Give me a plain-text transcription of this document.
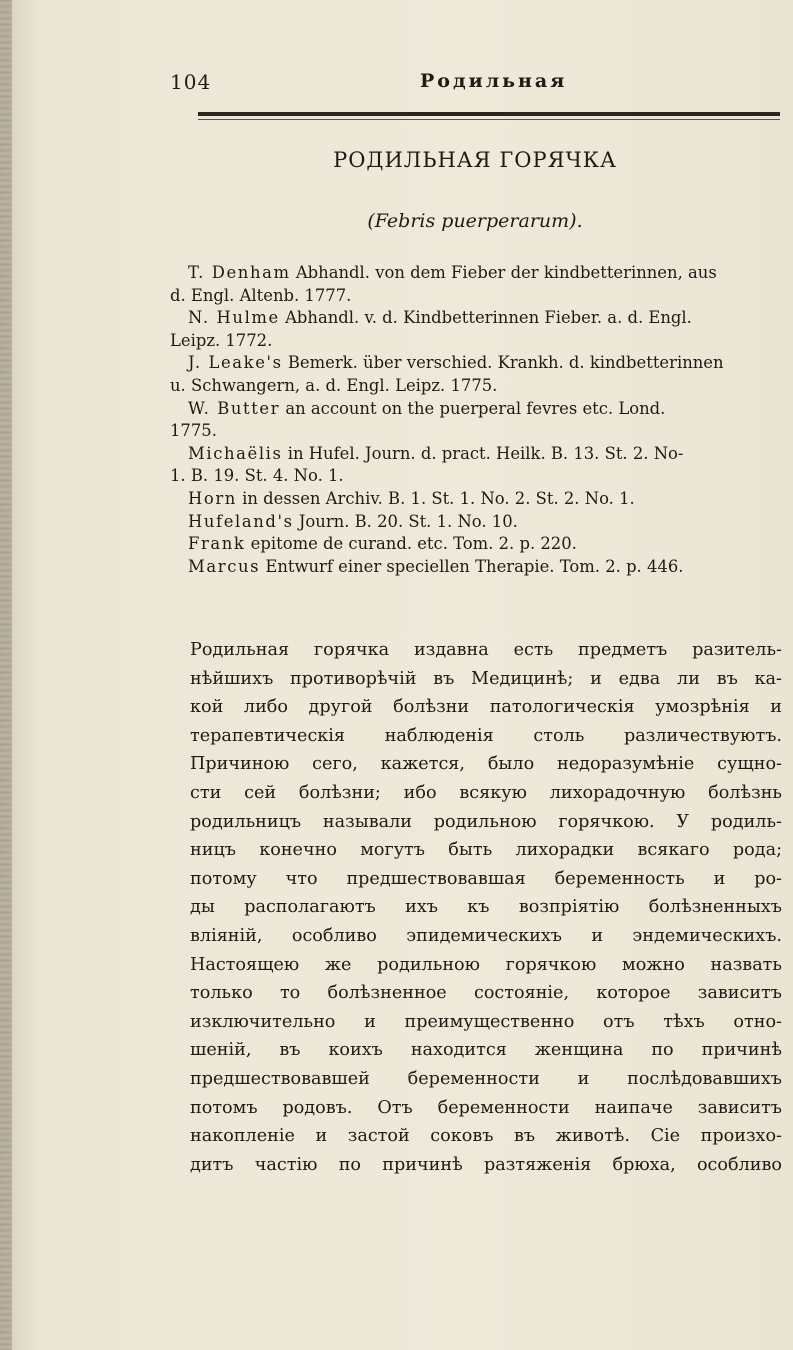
104	Родильная
РОДИЛЬНАЯ ГОРЯЧКА
(Febris puerperarum).
T. Denham Abhandl. von dem Fieber der kindbetterinnen, aus
d. Engl. Altenb. 1777.
N. Hulme Abhandl. v. d. Kindbetterinnen Fieber. a. d. Engl.
Leipz. 1772.
J. Leake's Bemerk. über verschied. Krankh. d. kindbetterinnen
u. Schwangern, a. d. Engl. Leipz. 1775.
W. Butter an account on the puerperal fevres etc. Lond.
1775.
Michaëlis in Hufel. Journ. d. pract. Heilk. B. 13. St. 2. No-
1. B. 19. St. 4. No. 1.
Horn in dessen Archiv. B. 1. St. 1. No. 2. St. 2. No. 1.
Hufeland's Journ. B. 20. St. 1. No. 10.
Frank epitome de curand. etc. Tom. 2. p. 220.
Marcus Entwurf einer speciellen Therapie. Tom. 2. p. 446.
Родильная горячка издавна есть предметъ разитель-
нѣйшихъ противорѣчій въ Медицинѣ; и едва ли въ ка-
кой либо другой болѣзни патологическія умозрѣнія и
терапевтическія наблюденія столь различествуютъ.
Причиною сего, кажется, было недоразумѣніе сущно-
сти сей болѣзни; ибо всякую лихорадочную болѣзнь
родильницъ называли родильною горячкою. У родиль-
ницъ конечно могутъ быть лихорадки всякаго рода;
потому что предшествовавшая беременность и ро-
ды располагаютъ ихъ къ возпріятію болѣзненныхъ
вліяній, особливо эпидемическихъ и эндемическихъ.
Настоящею же родильною горячкою можно назвать
только то болѣзненное состояніе, которое зависитъ
изключительно и преимущественно отъ тѣхъ отно-
шеній, въ коихъ находится женщина по причинѣ
предшествовавшей беременности и послѣдовавшихъ
потомъ родовъ. Отъ беременности наипаче зависитъ
накопленіе и застой соковъ въ животѣ. Сіе произхо-
дитъ частію по причинѣ разтяженія брюха, особливо
